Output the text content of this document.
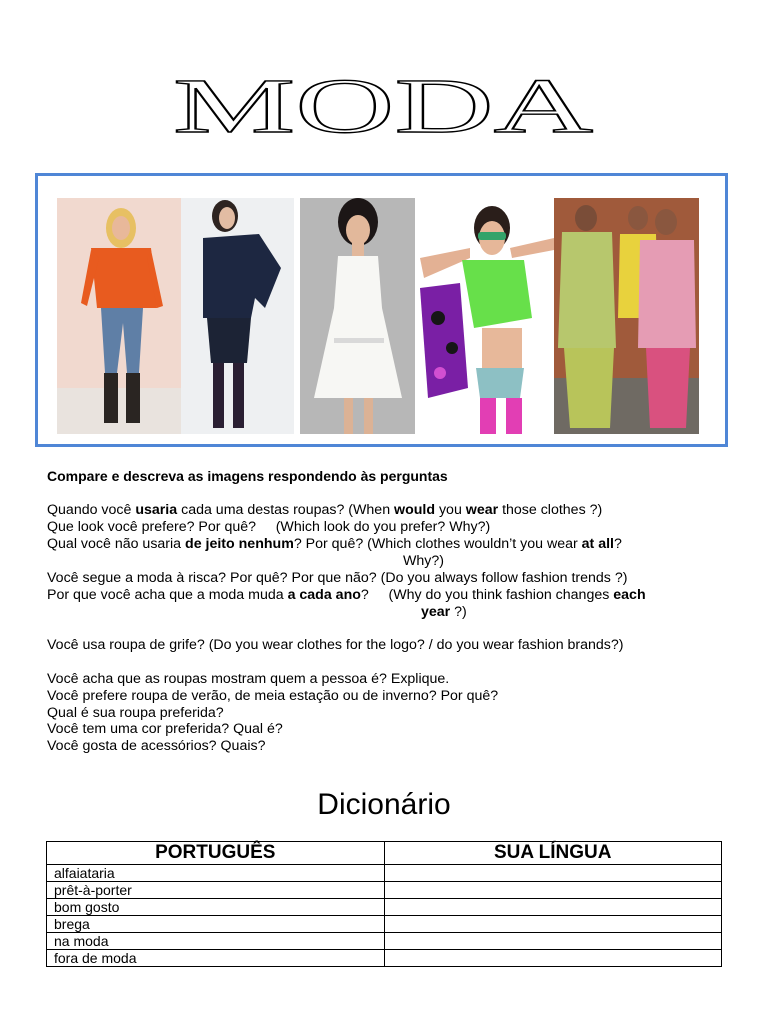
MODA
Compare e descreva as imagens respondendo às perguntas
Quando você usaria cada uma destas roupas? (When would you wear those clothes ?)
Que look você prefere? Por quê?     (Which look do you prefer? Why?)
Qual você não usaria de jeito nenhum? Por quê? (Which clothes wouldn’t you wear at all?
Why?)
Você segue a moda à risca? Por quê? Por que não? (Do you always follow fashion trends ?)
Por que você acha que a moda muda a cada ano?     (Why do you think fashion changes each
year ?)
Você usa roupa de grife? (Do you wear clothes for the logo? / do you wear fashion brands?)
Você acha que as roupas mostram quem a pessoa é? Explique.
Você prefere roupa de verão, de meia estação ou de inverno? Por quê?
Qual é sua roupa preferida?
Você tem uma cor preferida? Qual é?
Você gosta de acessórios? Quais?
Dicionário
PORTUGUÊS	SUA LÍNGUA
alfaiataria	
prêt-à-porter	
bom gosto	
brega	
na moda	
fora de moda	
